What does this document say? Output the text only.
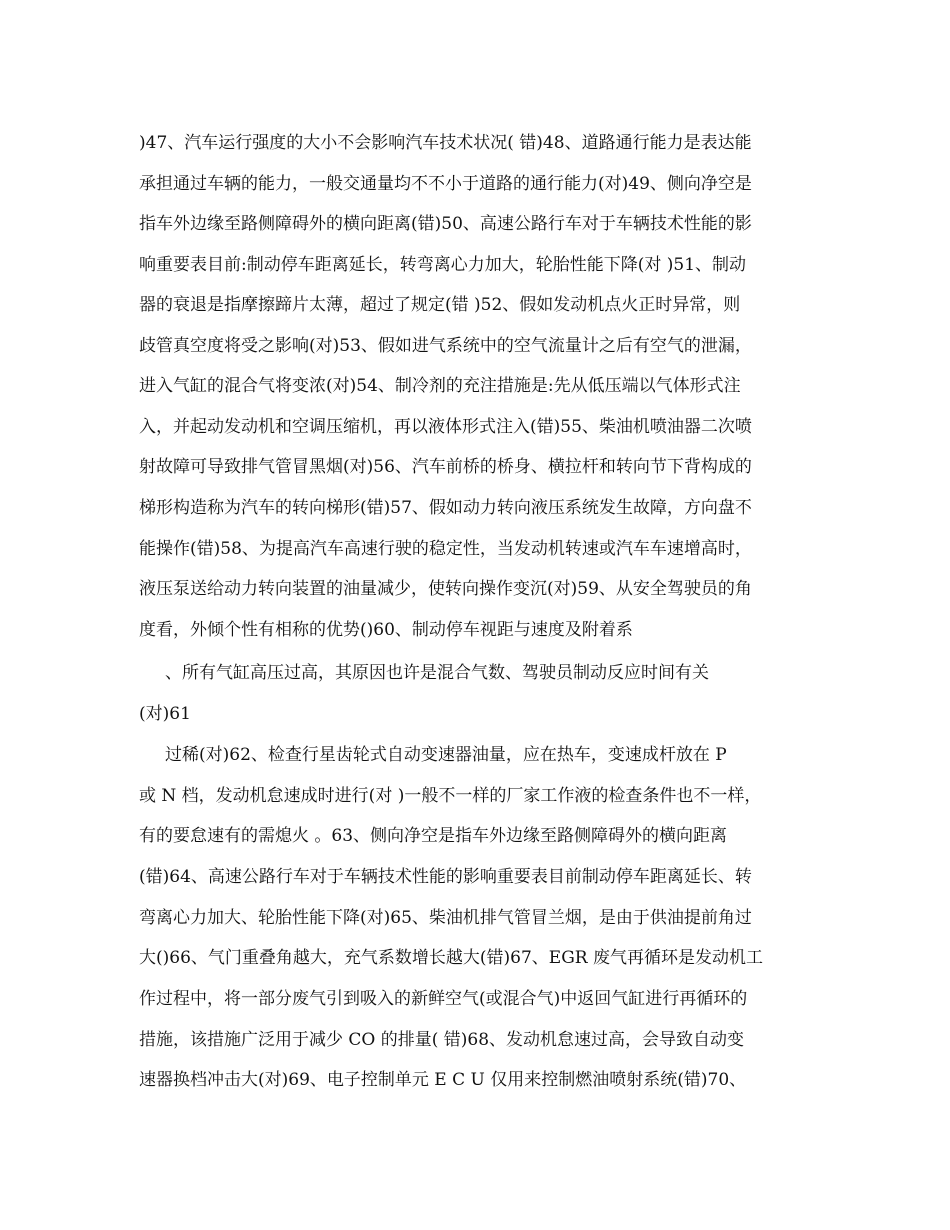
)47、汽车运行强度的大小不会影响汽车技术状况( 错)48、道路通行能力是表达能
承担通过车辆的能力，一般交通量均不不小于道路的通行能力(对)49、侧向净空是
指车外边缘至路侧障碍外的横向距离(错)50、高速公路行车对于车辆技术性能的影
响重要表目前:制动停车距离延长，转弯离心力加大，轮胎性能下降(对 )51、制动
器的衰退是指摩擦蹄片太薄，超过了规定(错 )52、假如发动机点火正时异常，则
歧管真空度将受之影响(对)53、假如进气系统中的空气流量计之后有空气的泄漏，
进入气缸的混合气将变浓(对)54、制冷剂的充注措施是:先从低压端以气体形式注
入，并起动发动机和空调压缩机，再以液体形式注入(错)55、柴油机喷油器二次喷
射故障可导致排气管冒黑烟(对)56、汽车前桥的桥身、横拉杆和转向节下背构成的
梯形构造称为汽车的转向梯形(错)57、假如动力转向液压系统发生故障，方向盘不
能操作(错)58、为提高汽车高速行驶的稳定性，当发动机转速或汽车车速增高时，
液压泵送给动力转向装置的油量减少，使转向操作变沉(对)59、从安全驾驶员的角
度看，外倾个性有相称的优势()60、制动停车视距与速度及附着系
、所有气缸高压过高，其原因也许是混合气数、驾驶员制动反应时间有关
(对)61
过稀(对)62、检查行星齿轮式自动变速器油量，应在热车，变速成杆放在 P
或 N 档，发动机怠速成时进行(对 )一般不一样的厂家工作液的检查条件也不一样，
有的要怠速有的需熄火 。63、侧向净空是指车外边缘至路侧障碍外的横向距离
(错)64、高速公路行车对于车辆技术性能的影响重要表目前制动停车距离延长、转
弯离心力加大、轮胎性能下降(对)65、柴油机排气管冒兰烟，是由于供油提前角过
大()66、气门重叠角越大，充气系数增长越大(错)67、EGR 废气再循环是发动机工
作过程中，将一部分废气引到吸入的新鲜空气(或混合气)中返回气缸进行再循环的
措施，该措施广泛用于减少 CO 的排量( 错)68、发动机怠速过高，会导致自动变
速器换档冲击大(对)69、电子控制单元 E C U 仅用来控制燃油喷射系统(错)70、
